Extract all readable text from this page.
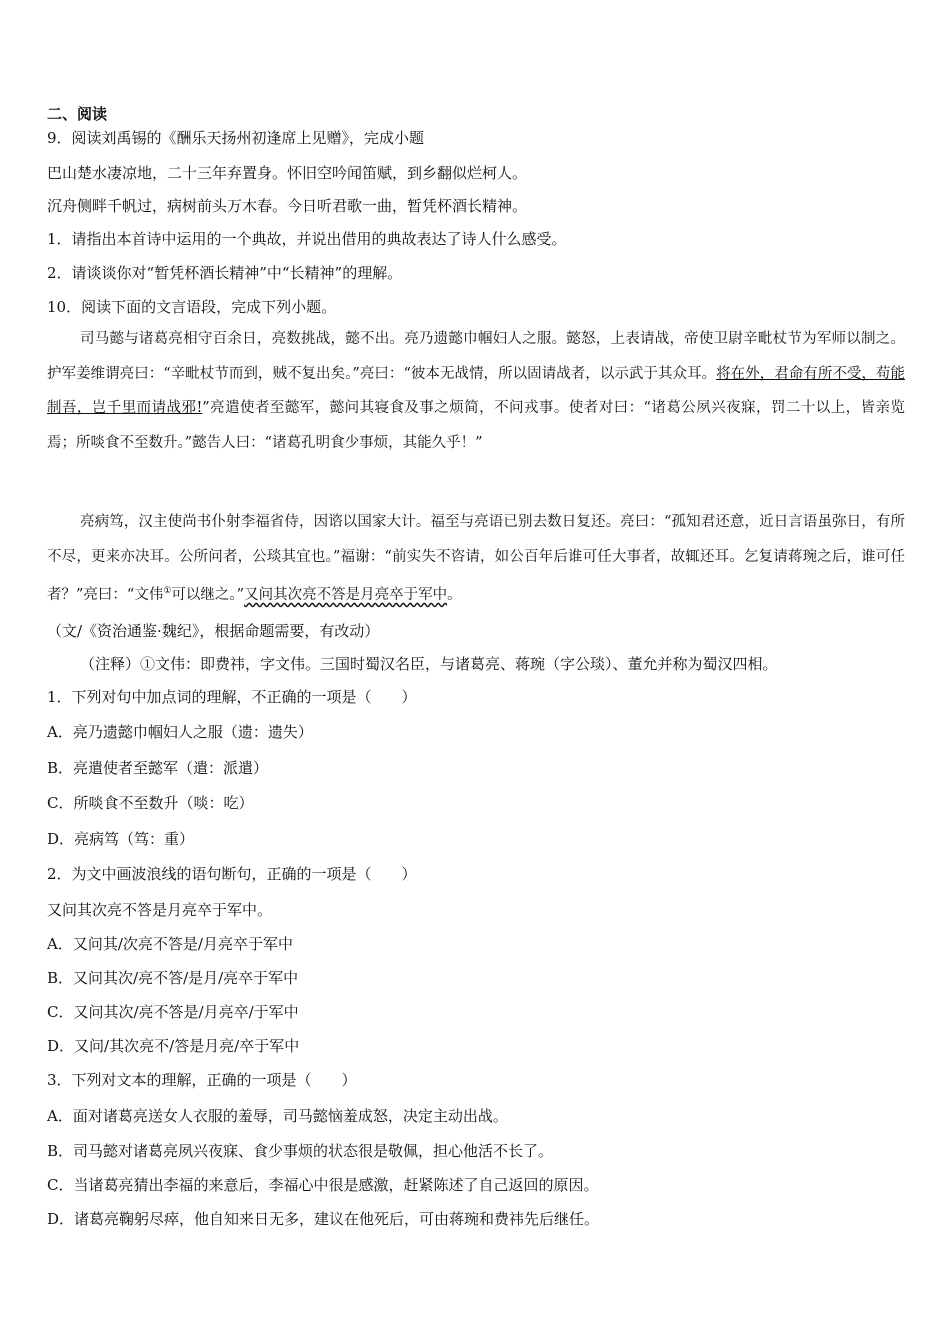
二、阅读
9．阅读刘禹锡的《酬乐天扬州初逢席上见赠》，完成小题
巴山楚水凄凉地，二十三年弃置身。怀旧空吟闻笛赋，到乡翻似烂柯人。
沉舟侧畔千帆过，病树前头万木春。今日听君歌一曲，暂凭杯酒长精神。
1．请指出本首诗中运用的一个典故，并说出借用的典故表达了诗人什么感受。
2．请谈谈你对“暂凭杯酒长精神”中“长精神”的理解。
10．阅读下面的文言语段，完成下列小题。
司马懿与诸葛亮相守百余日，亮数挑战，懿不出。亮乃遗懿巾帼妇人之服。懿怒，上表请战，帝使卫尉辛毗杖节为军师以制之。护军姜维谓亮曰：“辛毗杖节而到，贼不复出矣。”亮曰：“彼本无战情，所以固请战者，以示武于其众耳。将在外，君命有所不受，苟能制吾，岂千里而请战邪!”亮遣使者至懿军，懿问其寝食及事之烦简，不问戎事。使者对曰：“诸葛公夙兴夜寐，罚二十以上，皆亲览焉；所啖食不至数升。”懿告人曰：“诸葛孔明食少事烦，其能久乎！”
亮病笃，汉主使尚书仆射李福省侍，因谘以国家大计。福至与亮语已别去数日复还。亮曰：“孤知君还意，近日言语虽弥日，有所不尽，更来亦决耳。公所问者，公琰其宜也。”福谢：“前实失不咨请，如公百年后谁可任大事者，故辄还耳。乞复请蒋琬之后，谁可任者？”亮曰：“文伟①可以继之。”又问其次亮不答是月亮卒于军中。
（文/《资治通鉴·魏纪》，根据命题需要，有改动）
（注释）①文伟：即费祎，字文伟。三国时蜀汉名臣，与诸葛亮、蒋琬（字公琰）、董允并称为蜀汉四相。
1．下列对句中加点词的理解，不正确的一项是（　　）
A．亮乃遗懿巾帼妇人之服（遗：遗失）
B．亮遣使者至懿军（遣：派遣）
C．所啖食不至数升（啖：吃）
D．亮病笃（笃：重）
2．为文中画波浪线的语句断句，正确的一项是（　　）
又问其次亮不答是月亮卒于军中。
A．又问其/次亮不答是/月亮卒于军中
B．又问其次/亮不答/是月/亮卒于军中
C．又问其次/亮不答是/月亮卒/于军中
D．又问/其次亮不/答是月亮/卒于军中
3．下列对文本的理解，正确的一项是（　　）
A．面对诸葛亮送女人衣服的羞辱，司马懿恼羞成怒，决定主动出战。
B．司马懿对诸葛亮夙兴夜寐、食少事烦的状态很是敬佩，担心他活不长了。
C．当诸葛亮猜出李福的来意后，李福心中很是感激，赶紧陈述了自己返回的原因。
D．诸葛亮鞠躬尽瘁，他自知来日无多，建议在他死后，可由蒋琬和费祎先后继任。
